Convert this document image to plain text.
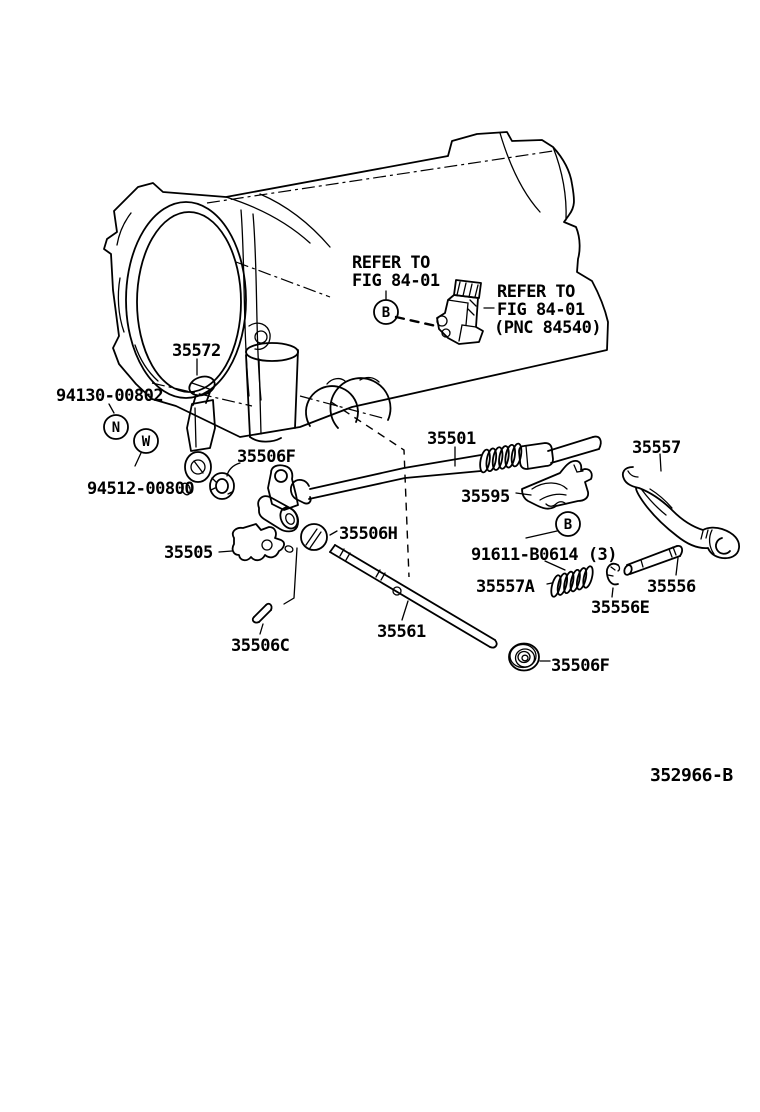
B
N
W
B
REFER TO
FIG 84-01
REFER TO
FIG 84-01
(PNC 84540)
35572
94130-00802
94512-00800
35506F
35501	35557
35595
35505
35506H
91611-B0614 (3)
35557A	35556
35556E
35561
35506C
35506F
352966-B
